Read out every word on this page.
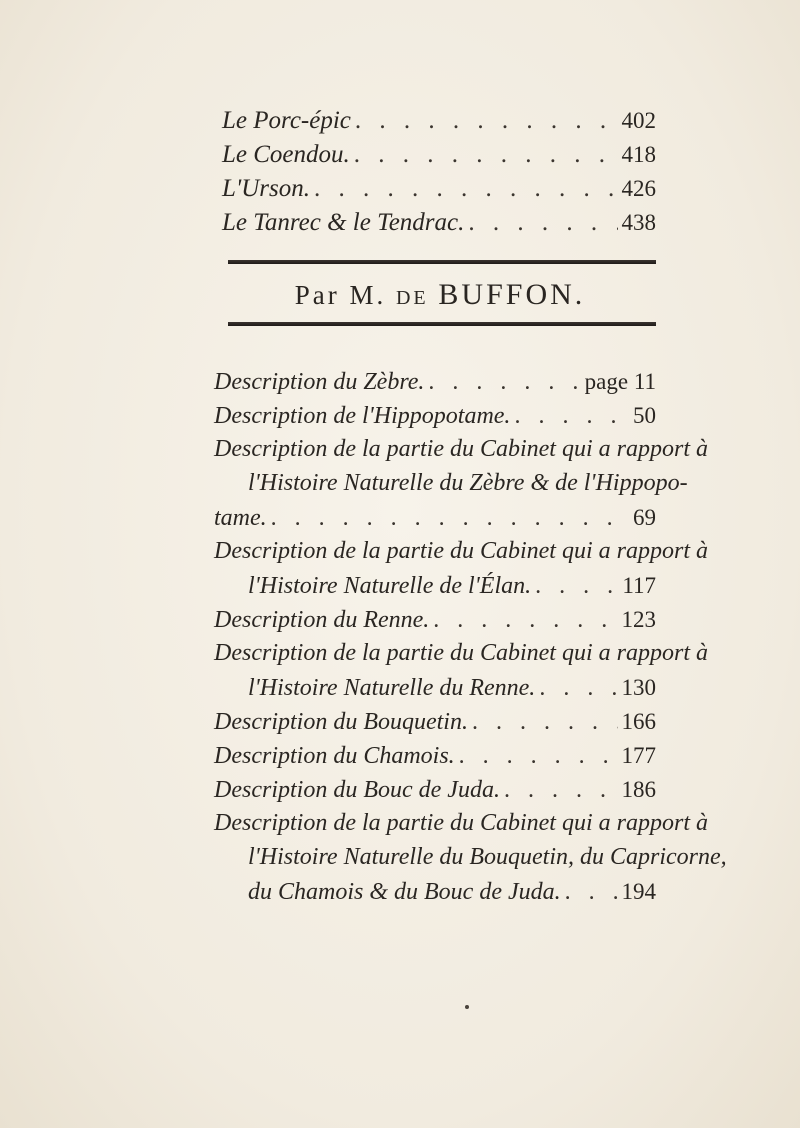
Le Porc-épic . . .	402
Le Coendou. . . .	418
L'Urson. . . .	426
Le Tanrec & le Tendrac. . . .	438
Par M. DE BUFFON.
Description du Zèbre. . . .	page 11
Description de l'Hippopotame. . . .	50
Description de la partie du Cabinet qui a rapport à
l'Histoire Naturelle du Zèbre & de l'Hippopo-
tame. . . .	69
Description de la partie du Cabinet qui a rapport à
l'Histoire Naturelle de l'Élan. . . .	117
Description du Renne. . . .	123
Description de la partie du Cabinet qui a rapport à
l'Histoire Naturelle du Renne. . . .	130
Description du Bouquetin. . . .	166
Description du Chamois. . . .	177
Description du Bouc de Juda. . . .	186
Description de la partie du Cabinet qui a rapport à
l'Histoire Naturelle du Bouquetin, du Capricorne,
du Chamois & du Bouc de Juda. . . .	194
